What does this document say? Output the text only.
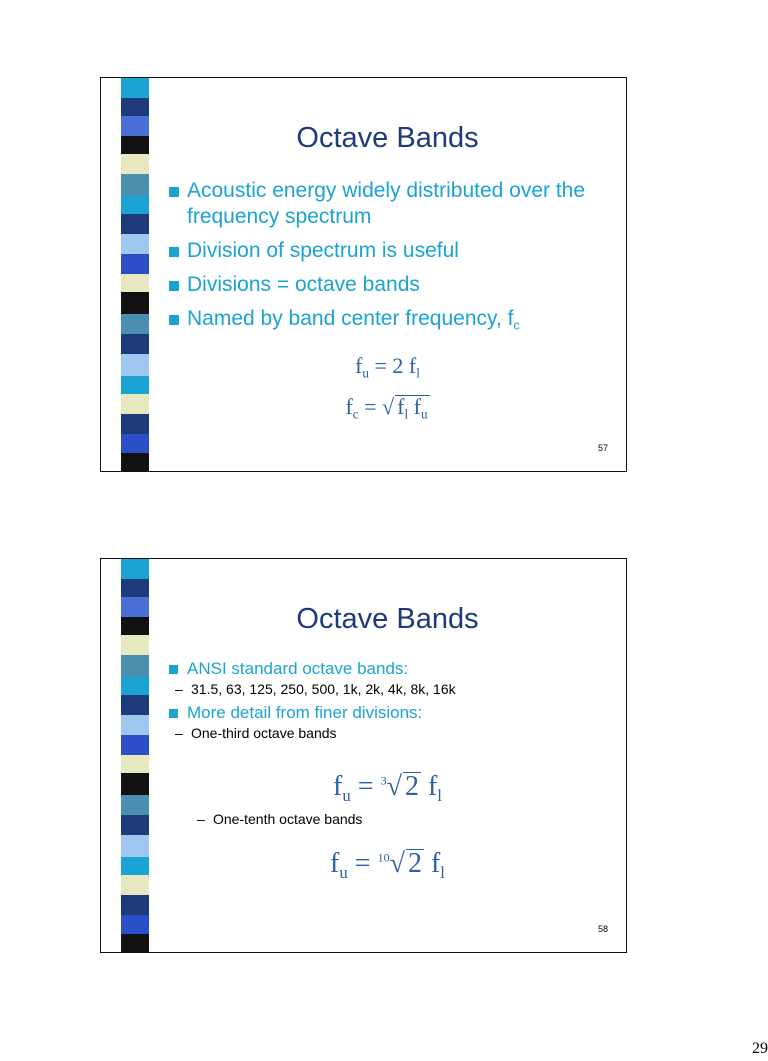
Octave Bands
Acoustic energy widely distributed over the frequency spectrum
Division of spectrum is useful
Divisions = octave bands
Named by band center frequency, $f_c$
$f_u = 2$ $f_l$
$f_c$ = √ $f_l$ $f_u$
57
Octave Bands
ANSI standard octave bands:
– 31.5, 63, 125, 250, 500, 1k, 2k, 4k, 8k, 16k
More detail from finer divisions:
– One-third octave bands
$f_u = ^3√$ 2 $f_l$
– One-tenth octave bands
$f_u = ^{10}√$ 2 $f_l$
58
29
